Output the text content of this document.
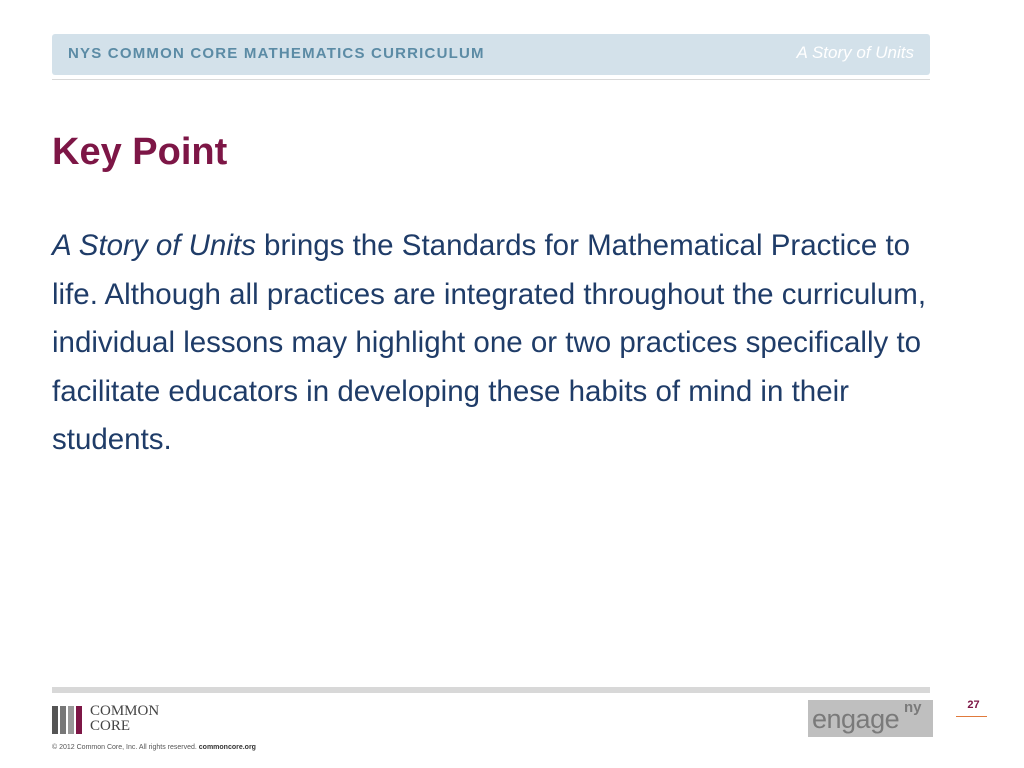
NYS COMMON CORE MATHEMATICS CURRICULUM	A Story of Units
Key Point

A Story of Units brings the Standards for Mathematical Practice to life. Although all practices are integrated throughout the curriculum, individual lessons may highlight one or two practices specifically to facilitate educators in developing these habits of mind in their students.

COMMON
CORE
© 2012 Common Core, Inc. All rights reserved. commoncore.org
engage ny	27
